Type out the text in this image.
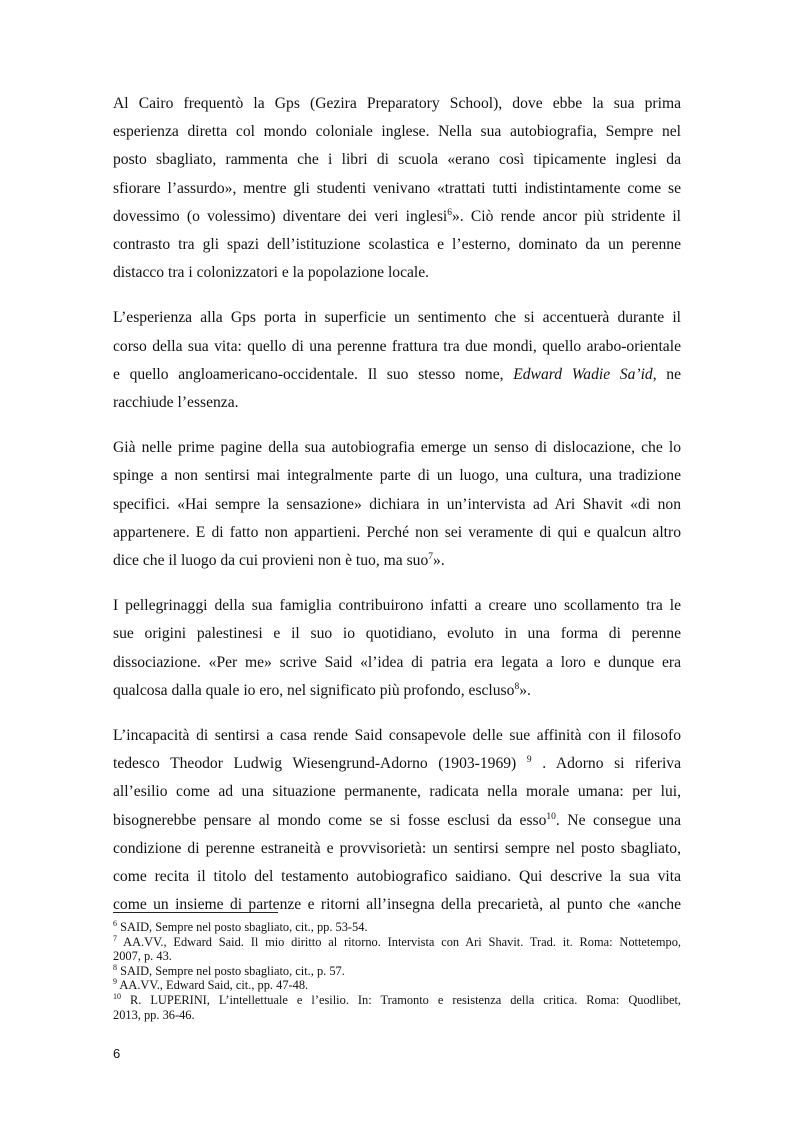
Al Cairo frequentò la Gps (Gezira Preparatory School), dove ebbe la sua prima
esperienza diretta col mondo coloniale inglese. Nella sua autobiografia, Sempre nel
posto sbagliato, rammenta che i libri di scuola «erano così tipicamente inglesi da
sfiorare l’assurdo», mentre gli studenti venivano «trattati tutti indistintamente come se
dovessimo (o volessimo) diventare dei veri inglesi$^6$». Ciò rende ancor più stridente il
contrasto tra gli spazi dell’istituzione scolastica e l’esterno, dominato da un perenne
distacco tra i colonizzatori e la popolazione locale.

L’esperienza alla Gps porta in superficie un sentimento che si accentuerà durante il
corso della sua vita: quello di una perenne frattura tra due mondi, quello arabo-orientale
e quello angloamericano-occidentale. Il suo stesso nome, Edward Wadie Sa’id, ne
racchiude l’essenza.

Già nelle prime pagine della sua autobiografia emerge un senso di dislocazione, che lo
spinge a non sentirsi mai integralmente parte di un luogo, una cultura, una tradizione
specifici. «Hai sempre la sensazione» dichiara in un’intervista ad Ari Shavit «di non
appartenere. E di fatto non appartieni. Perché non sei veramente di qui e qualcun altro
dice che il luogo da cui provieni non è tuo, ma suo$^7$».

I pellegrinaggi della sua famiglia contribuirono infatti a creare uno scollamento tra le
sue origini palestinesi e il suo io quotidiano, evoluto in una forma di perenne
dissociazione. «Per me» scrive Said «l’idea di patria era legata a loro e dunque era
qualcosa dalla quale io ero, nel significato più profondo, escluso$^8$».

L’incapacità di sentirsi a casa rende Said consapevole delle sue affinità con il filosofo
tedesco Theodor Ludwig Wiesengrund-Adorno (1903-1969) $^9$ . Adorno si riferiva
all’esilio come ad una situazione permanente, radicata nella morale umana: per lui,
bisognerebbe pensare al mondo come se si fosse esclusi da esso$^{10}$. Ne consegue una
condizione di perenne estraneità e provvisorietà: un sentirsi sempre nel posto sbagliato,
come recita il titolo del testamento autobiografico saidiano. Qui descrive la sua vita
come un insieme di partenze e ritorni all’insegna della precarietà, al punto che «anche

$^6$ SAID, Sempre nel posto sbagliato, cit., pp. 53-54.
$^7$ AA.VV., Edward Said. Il mio diritto al ritorno. Intervista con Ari Shavit. Trad. it. Roma: Nottetempo,
2007, p. 43.
$^8$ SAID, Sempre nel posto sbagliato, cit., p. 57.
$^9$ AA.VV., Edward Said, cit., pp. 47-48.
$^{10}$ R. LUPERINI, L’intellettuale e l’esilio. In: Tramonto e resistenza della critica. Roma: Quodlibet,
2013, pp. 36-46.
6
